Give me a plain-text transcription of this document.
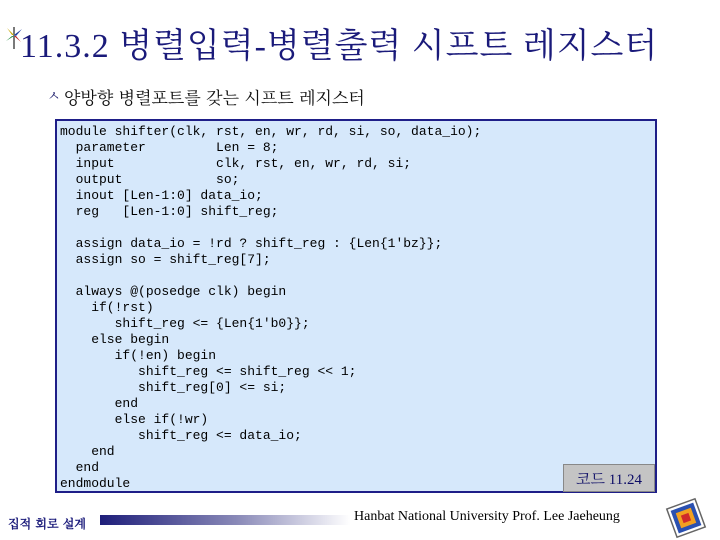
11.3.2 병렬입력-병렬출력 시프트 레지스터
ㅅ 양방향 병렬포트를 갖는 시프트 레지스터
module shifter(clk, rst, en, wr, rd, si, so, data_io);
parameter         Len = 8;
input             clk, rst, en, wr, rd, si;
output            so;
inout [Len-1:0] data_io;
reg   [Len-1:0] shift_reg;

assign data_io = !rd ? shift_reg : {Len{1'bz}};
assign so = shift_reg[7];

always @(posedge clk) begin
if(!rst)
shift_reg <= {Len{1'b0}};
else begin
if(!en) begin
shift_reg <= shift_reg << 1;
shift_reg[0] <= si;
end
else if(!wr)
shift_reg <= data_io;
end
end
endmodule	코드 11.24
집적 회로 설계	Hanbat National University Prof. Lee Jaeheung
